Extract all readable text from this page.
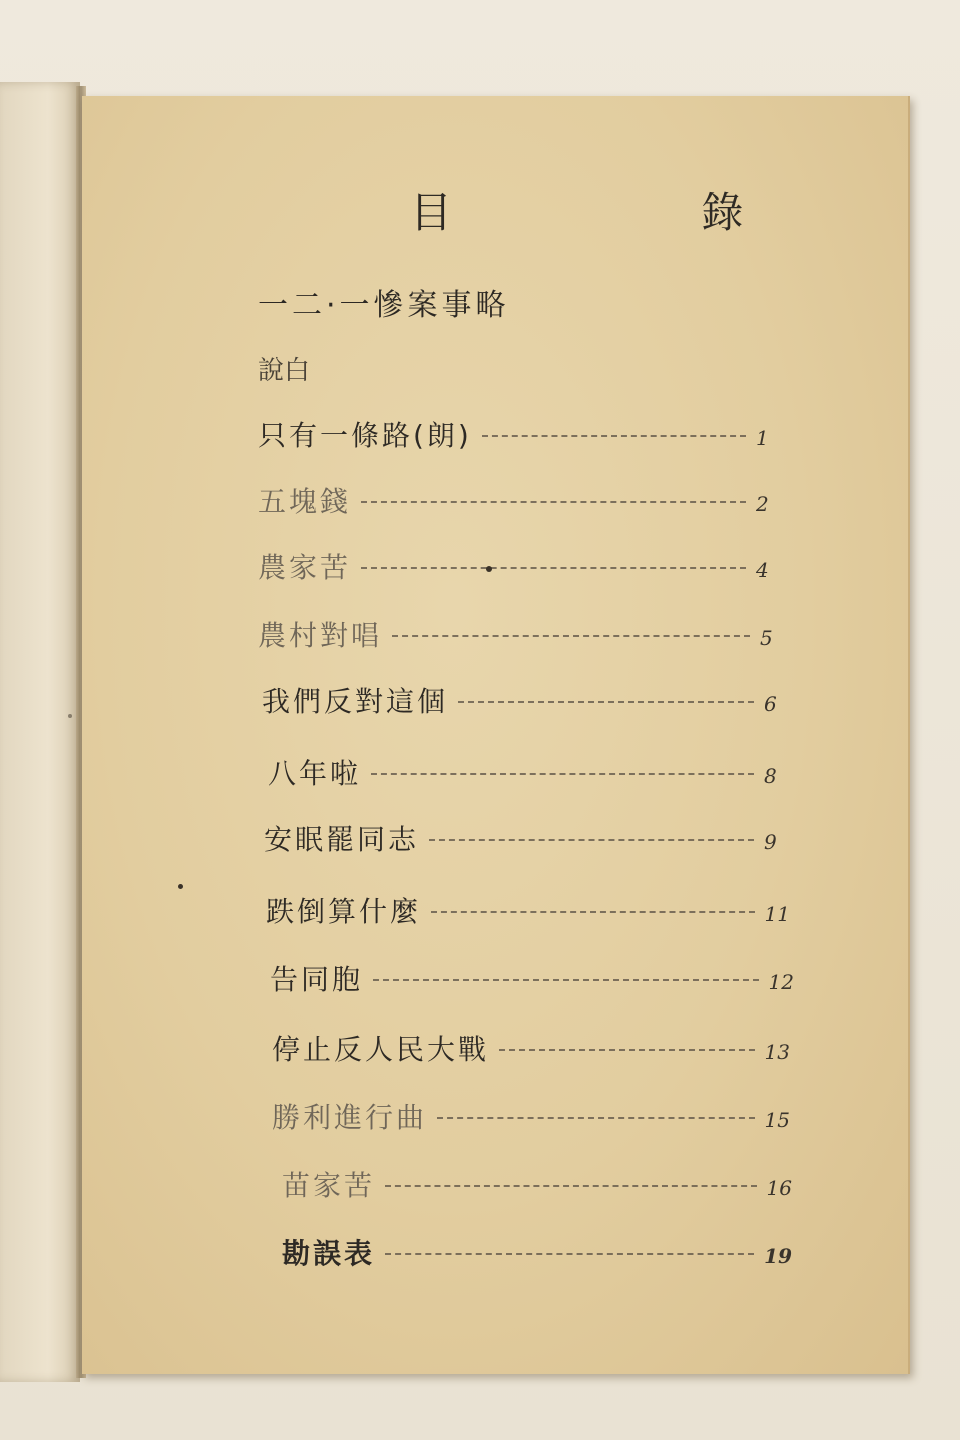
目 錄
一二·一慘案事略
說白
只有一條路(朗)	1
五塊錢	2
農家苦	4
農村對唱	5
我們反對這個	6
八年啦	8
安眠罷同志	9
跌倒算什麼	11
告同胞	12
停止反人民大戰	13
勝利進行曲	15
苗家苦	16
勘誤表	19
